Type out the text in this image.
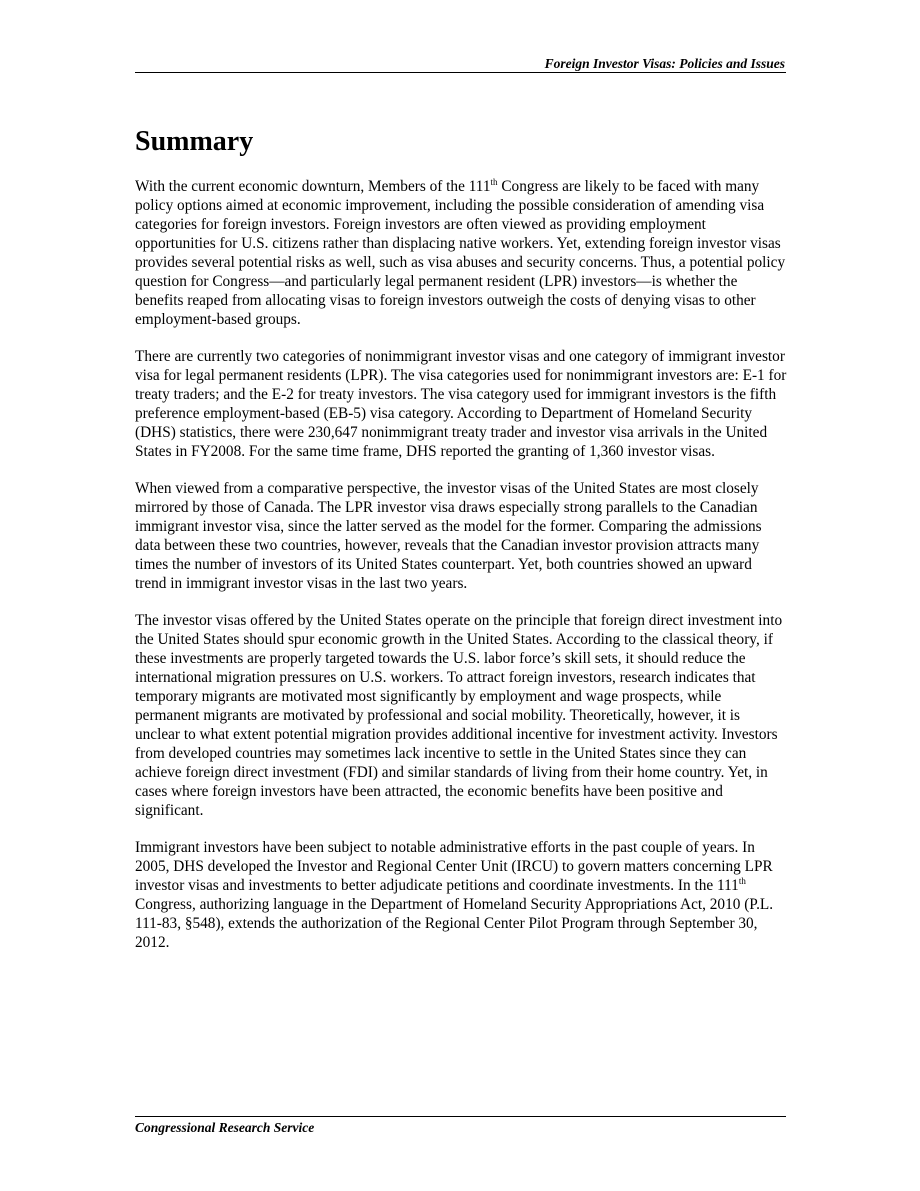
Foreign Investor Visas: Policies and Issues
Summary

With the current economic downturn, Members of the 111th Congress are likely to be faced with many policy options aimed at economic improvement, including the possible consideration of amending visa categories for foreign investors. Foreign investors are often viewed as providing employment opportunities for U.S. citizens rather than displacing native workers. Yet, extending foreign investor visas provides several potential risks as well, such as visa abuses and security concerns. Thus, a potential policy question for Congress—and particularly legal permanent resident (LPR) investors—is whether the benefits reaped from allocating visas to foreign investors outweigh the costs of denying visas to other employment-based groups.

There are currently two categories of nonimmigrant investor visas and one category of immigrant investor visa for legal permanent residents (LPR). The visa categories used for nonimmigrant investors are: E-1 for treaty traders; and the E-2 for treaty investors. The visa category used for immigrant investors is the fifth preference employment-based (EB-5) visa category. According to Department of Homeland Security (DHS) statistics, there were 230,647 nonimmigrant treaty trader and investor visa arrivals in the United States in FY2008. For the same time frame, DHS reported the granting of 1,360 investor visas.

When viewed from a comparative perspective, the investor visas of the United States are most closely mirrored by those of Canada. The LPR investor visa draws especially strong parallels to the Canadian immigrant investor visa, since the latter served as the model for the former. Comparing the admissions data between these two countries, however, reveals that the Canadian investor provision attracts many times the number of investors of its United States counterpart. Yet, both countries showed an upward trend in immigrant investor visas in the last two years.

The investor visas offered by the United States operate on the principle that foreign direct investment into the United States should spur economic growth in the United States. According to the classical theory, if these investments are properly targeted towards the U.S. labor force’s skill sets, it should reduce the international migration pressures on U.S. workers. To attract foreign investors, research indicates that temporary migrants are motivated most significantly by employment and wage prospects, while permanent migrants are motivated by professional and social mobility. Theoretically, however, it is unclear to what extent potential migration provides additional incentive for investment activity. Investors from developed countries may sometimes lack incentive to settle in the United States since they can achieve foreign direct investment (FDI) and similar standards of living from their home country. Yet, in cases where foreign investors have been attracted, the economic benefits have been positive and significant.

Immigrant investors have been subject to notable administrative efforts in the past couple of years. In 2005, DHS developed the Investor and Regional Center Unit (IRCU) to govern matters concerning LPR investor visas and investments to better adjudicate petitions and coordinate investments. In the 111th Congress, authorizing language in the Department of Homeland Security Appropriations Act, 2010 (P.L. 111-83, §548), extends the authorization of the Regional Center Pilot Program through September 30, 2012.

Congressional Research Service
